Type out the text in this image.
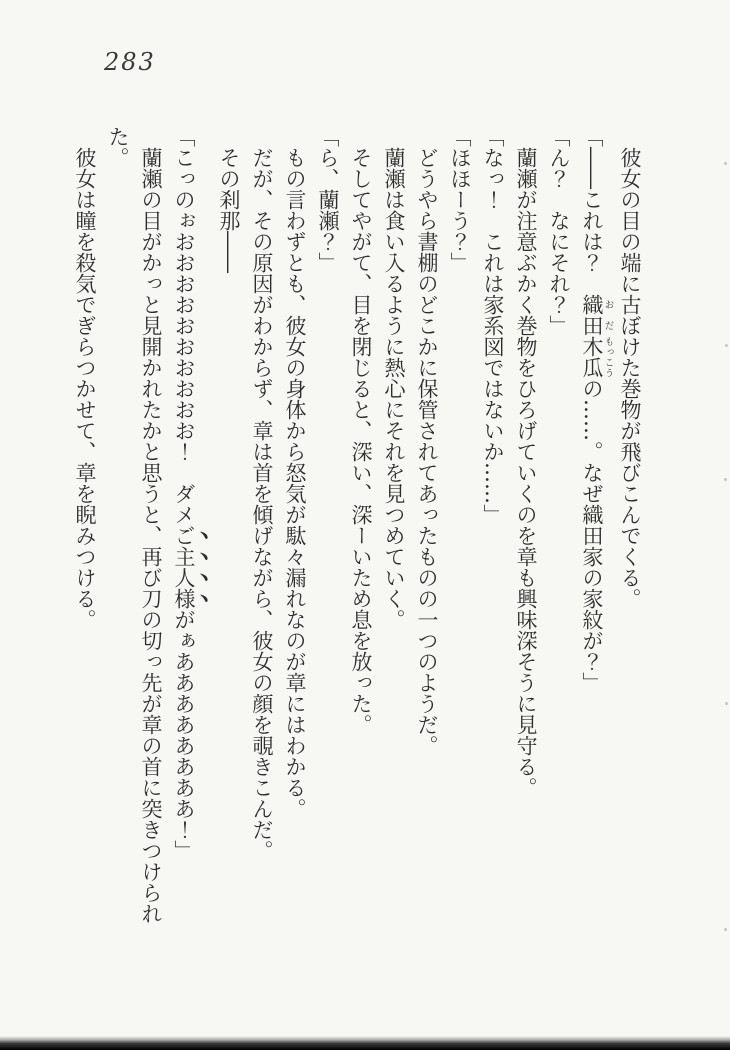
283

彼女の目の端に古ぼけた巻物が飛びこんでくる。

「――これは？　織お田だ木瓜もっこうの……。なぜ織田家の家紋が？」

「ん？　なにそれ？」

蘭瀬が注意ぶかく巻物をひろげていくのを章も興味深そうに見守る。

「なっ！　これは家系図ではないか……」

「ほほーう？」

どうやら書棚のどこかに保管されてあったものの一つのようだ。

蘭瀬は食い入るように熱心にそれを見つめていく。

そしてやがて、目を閉じると、深い、深ーいため息を放った。

「ら、蘭瀬？」

もの言わずとも、彼女の身体から怒気が駄々漏れなのが章にはわかる。

だが、その原因がわからず、章は首を傾げながら、彼女の顔を覗きこんだ。

その刹那――

「こっのぉおおおおおおおおおお！　ダメご主人様がぁああああああああ！」

蘭瀬の目がかっと見開かれたかと思うと、再び刀の切っ先が章の首に突きつけられ

た。

彼女は瞳を殺気でぎらつかせて、章を睨みつける。
